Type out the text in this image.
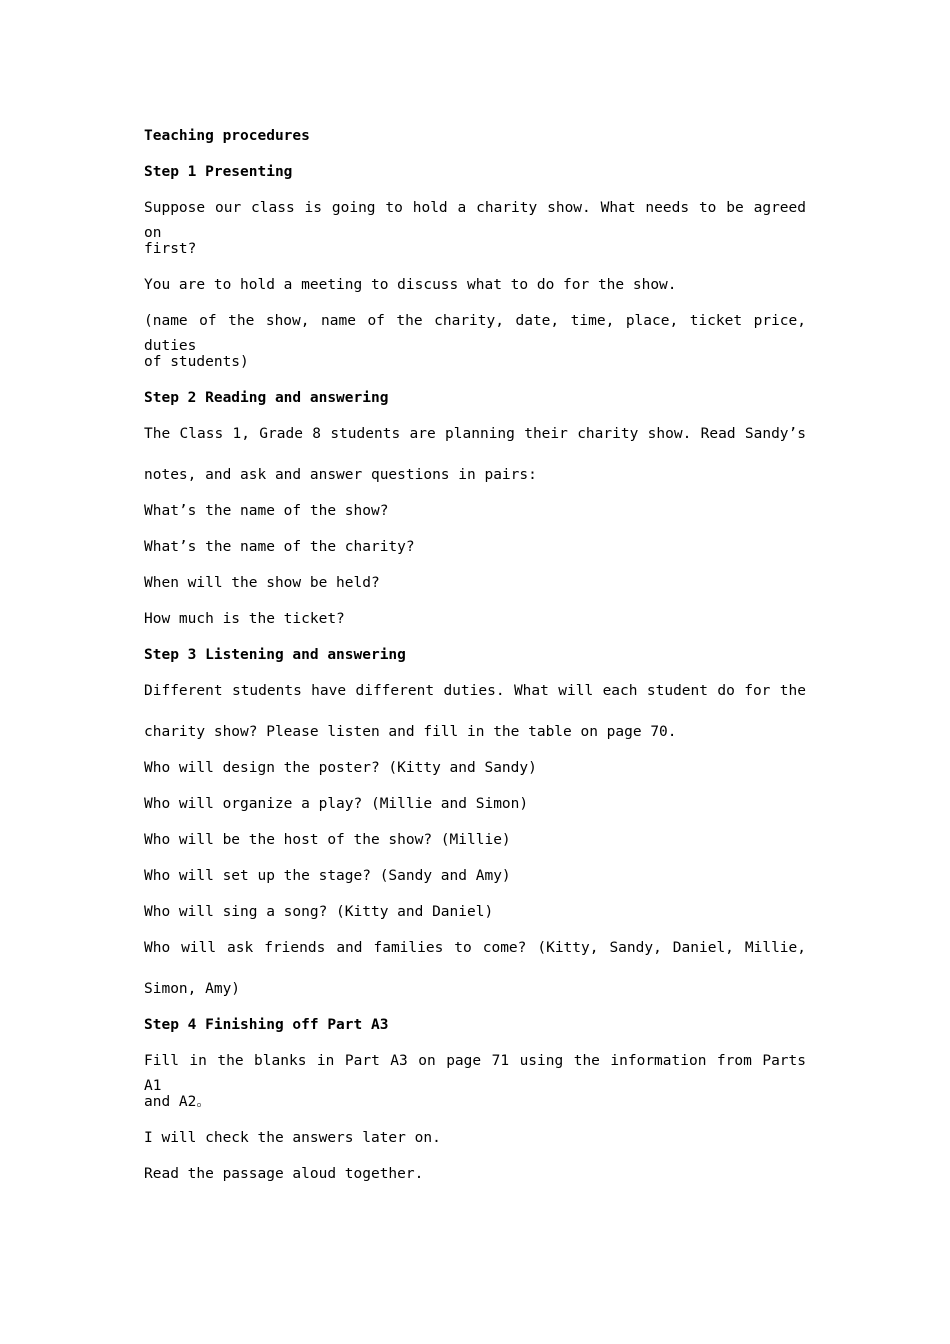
Teaching procedures
Step 1 Presenting
Suppose our class is going to hold a charity show. What needs to be agreed on
first?
You are to hold a meeting to discuss what to do for the show.
(name of the show, name of the charity, date, time, place, ticket price, duties
of students)
Step 2 Reading and answering
The Class 1, Grade 8 students are planning their charity show. Read Sandy’s
notes, and ask and answer questions in pairs:
What’s the name of the show?
What’s the name of the charity?
When will the show be held?
How much is the ticket?
Step 3 Listening and answering
Different students have different duties. What will each student do for the
charity show? Please listen and fill in the table on page 70.
Who will design the poster? (Kitty and Sandy)
Who will organize a play? (Millie and Simon)
Who will be the host of the show? (Millie)
Who will set up the stage? (Sandy and Amy)
Who will sing a song? (Kitty and Daniel)
Who will ask friends and families to come? (Kitty, Sandy, Daniel, Millie,
Simon, Amy)
Step 4 Finishing off Part A3
Fill in the blanks in Part A3 on page 71 using the information from Parts A1
and A2。
I will check the answers later on.
Read the passage aloud together.
